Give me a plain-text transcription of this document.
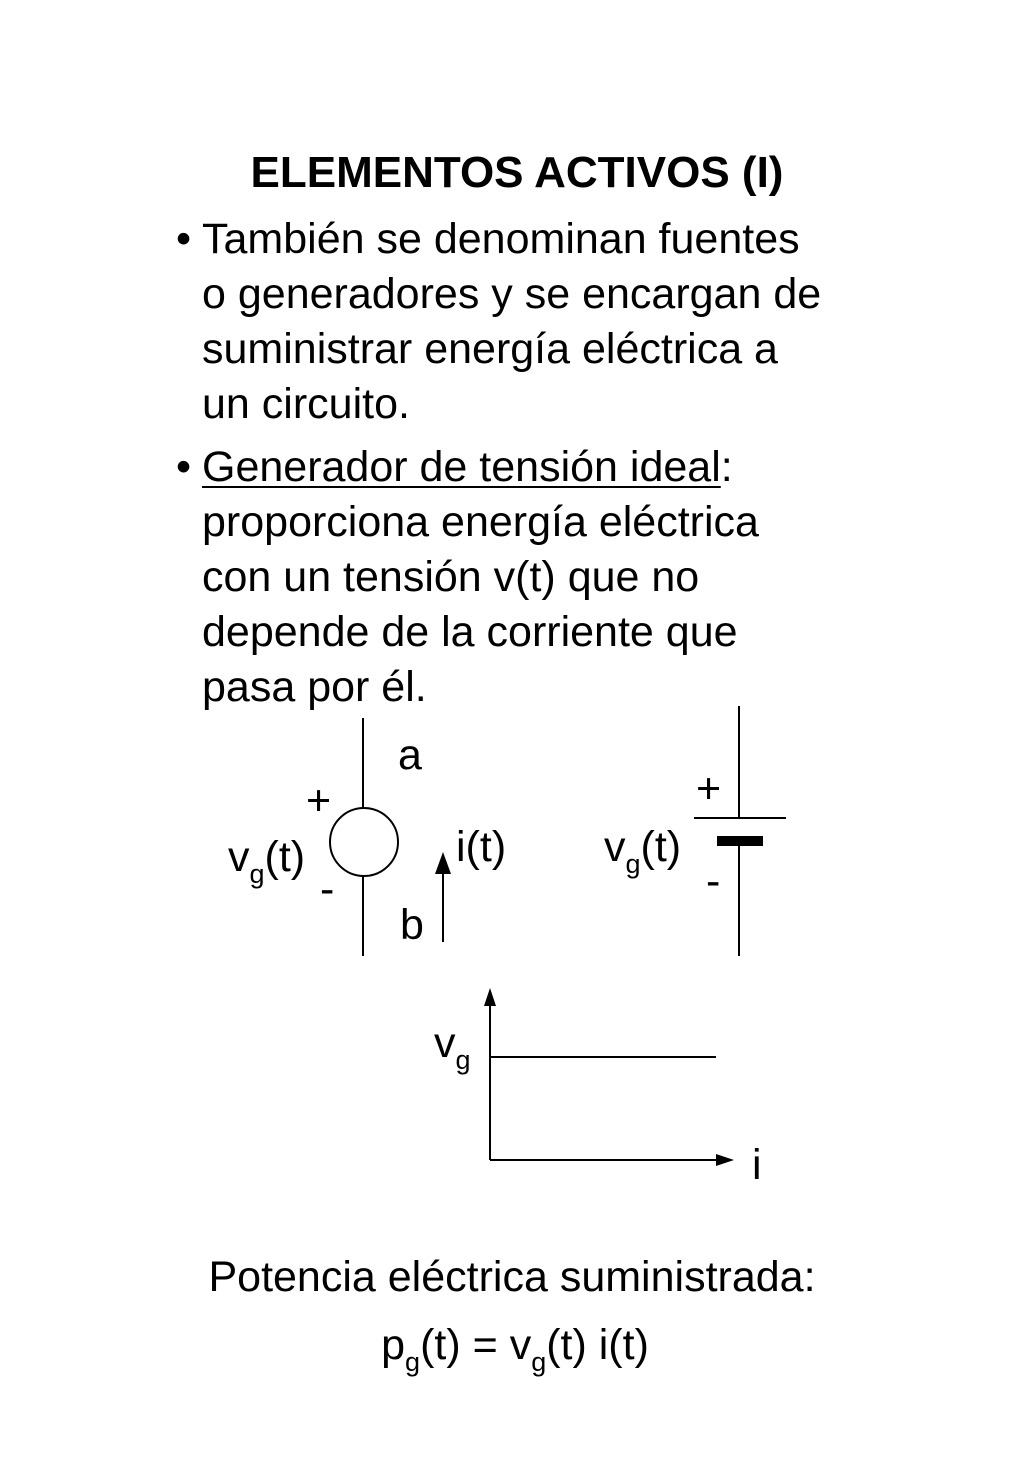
ELEMENTOS ACTIVOS (I)
• También se denominan fuentes
o generadores y se encargan de
suministrar energía eléctrica a
un circuito.
• Generador de tensión ideal:
proporciona energía eléctrica
con un tensión v(t) que no
depende de la corriente que
pasa por él.
a
+
$v_g(t)$
-
i(t)
b
+
$v_g(t)$
-
$v_g$
i
Potencia eléctrica suministrada:
$p_g(t) = v_g(t)$ i(t)
